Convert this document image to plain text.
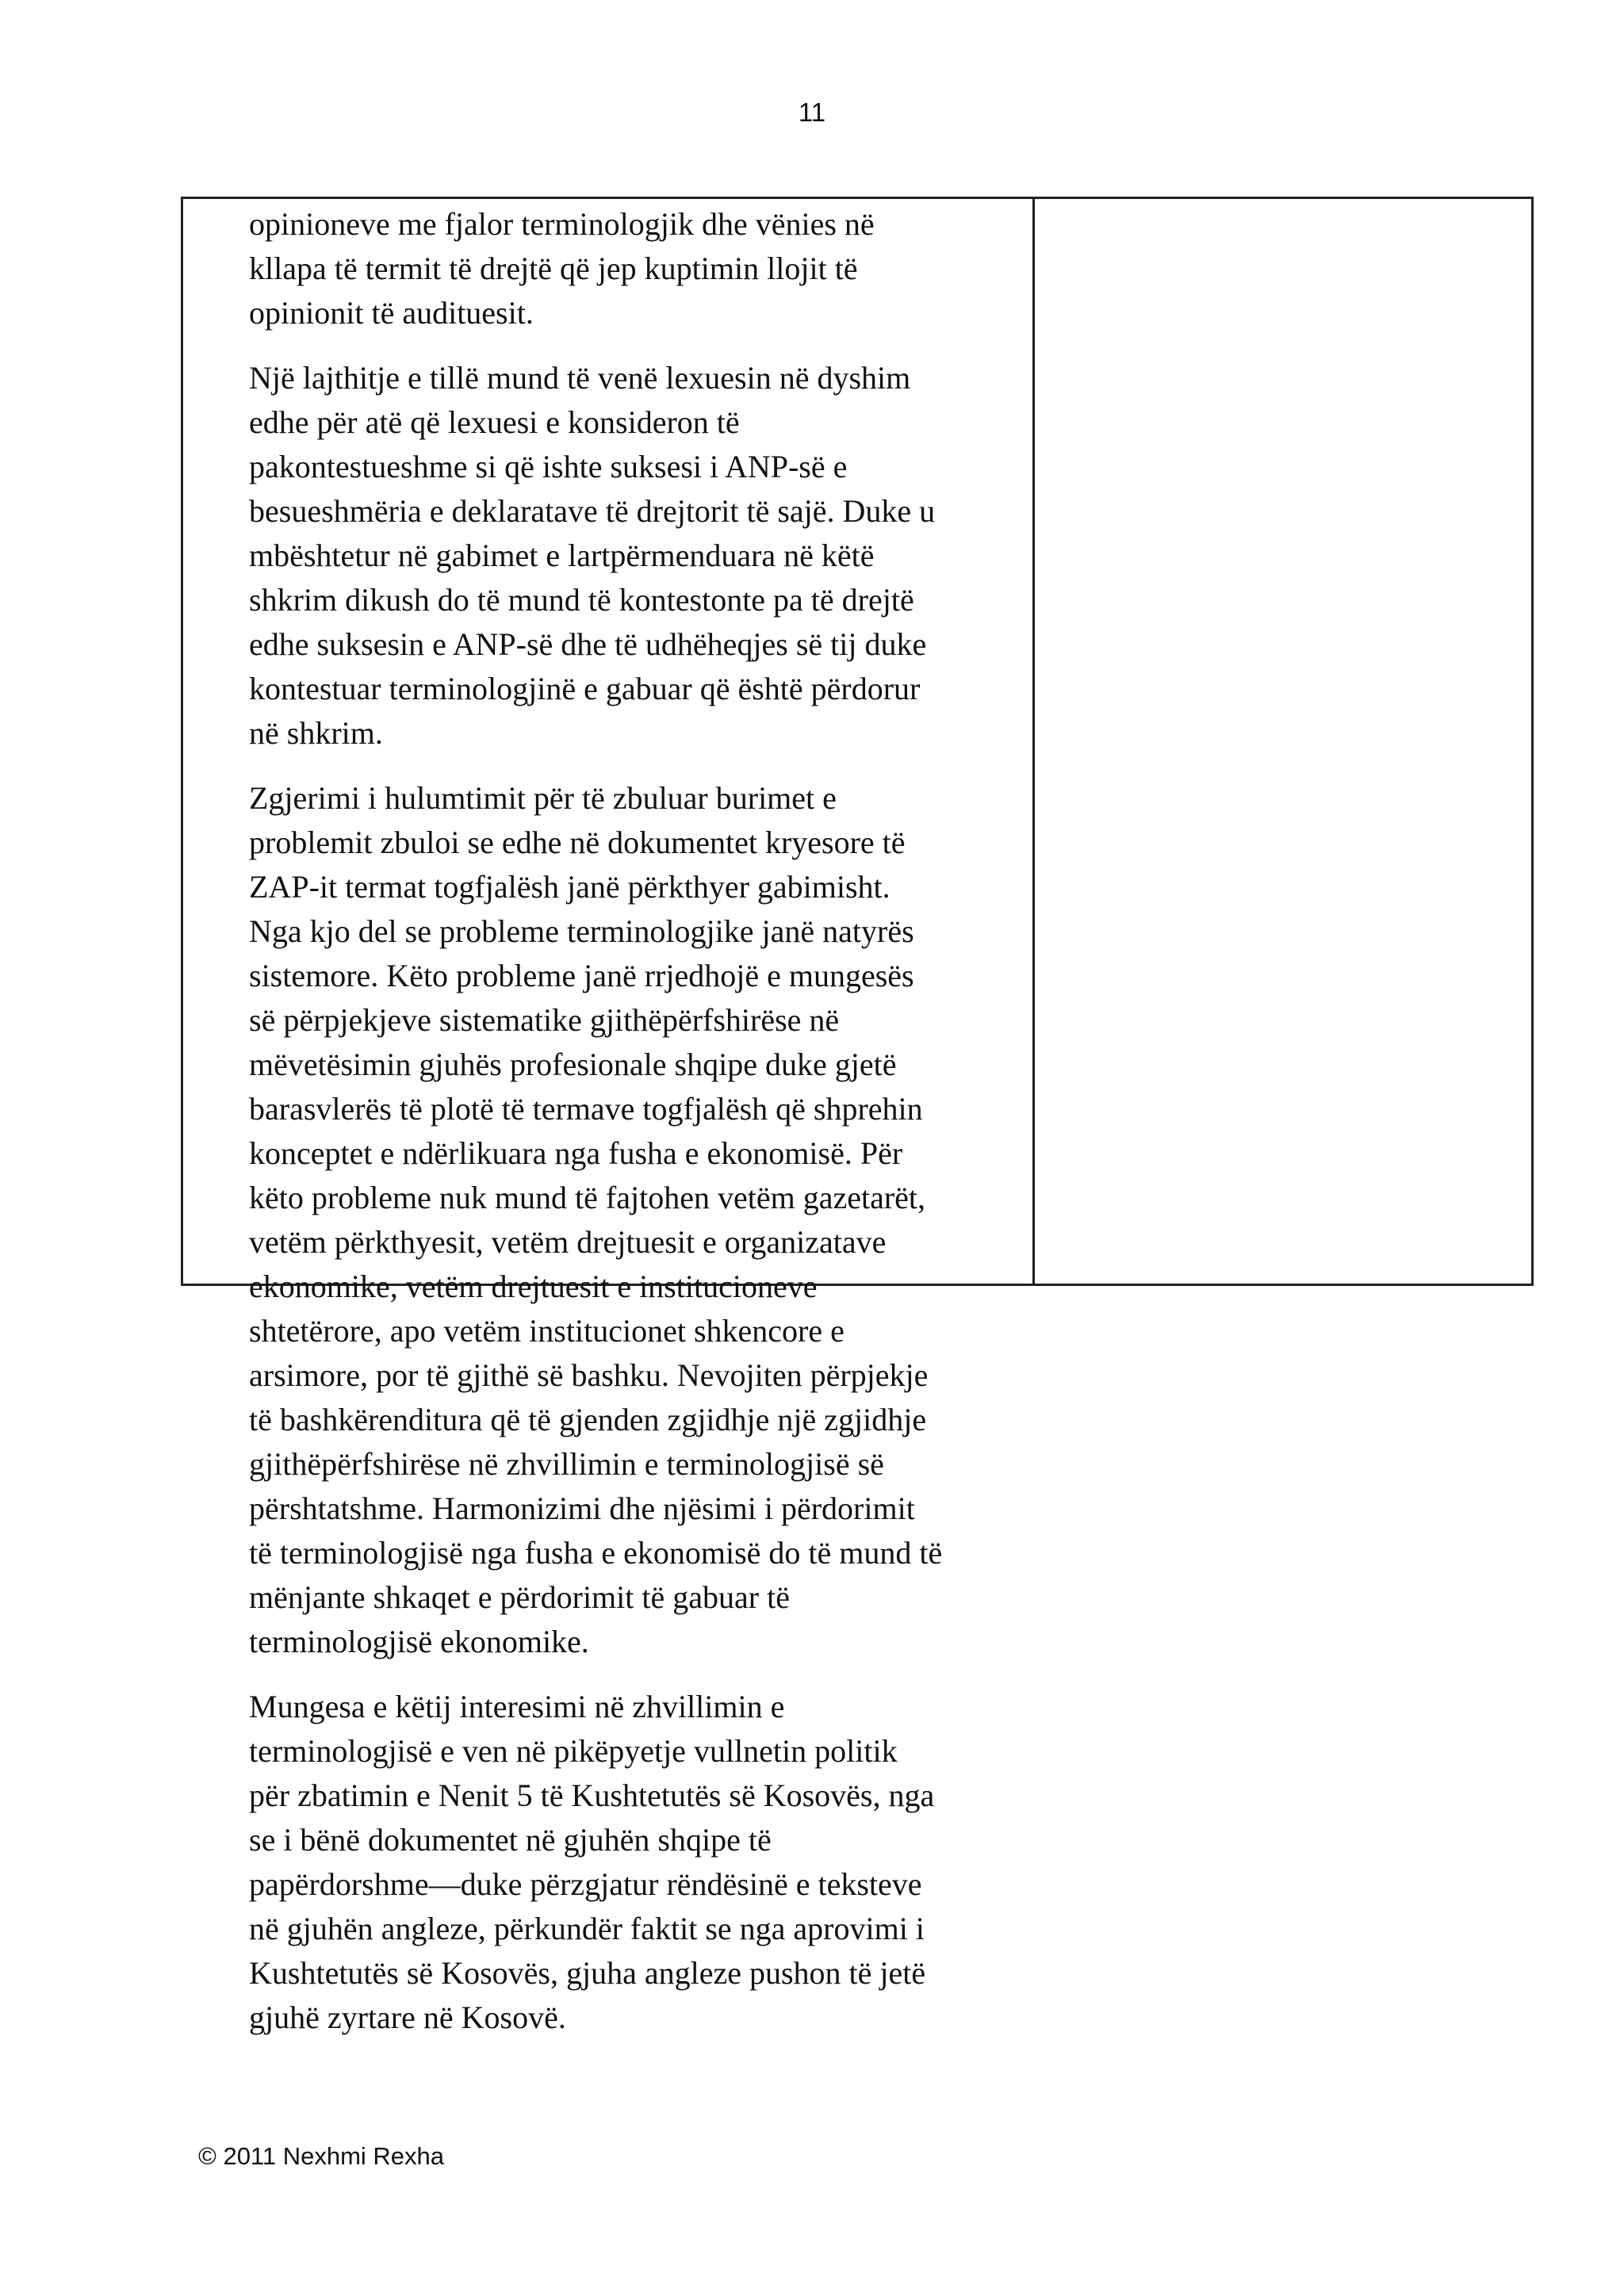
11

opinioneve me fjalor terminologjik dhe vënies në
kllapa të termit të drejtë që jep kuptimin llojit të
opinionit të audituesit.

Një lajthitje e tillë mund të venë lexuesin në dyshim
edhe për atë që lexuesi e konsideron të
pakontestueshme si që ishte suksesi i ANP-së e
besueshmëria e deklaratave të drejtorit të sajë. Duke u
mbështetur në gabimet e lartpërmenduara në këtë
shkrim dikush do të mund të kontestonte pa të drejtë
edhe suksesin e ANP-së dhe të udhëheqjes së tij duke
kontestuar terminologjinë e gabuar që është përdorur
në shkrim.

Zgjerimi i hulumtimit për të zbuluar burimet e
problemit zbuloi se edhe në dokumentet kryesore të
ZAP-it termat togfjalësh janë përkthyer gabimisht.
Nga kjo del se probleme terminologjike janë natyrës
sistemore. Këto probleme janë rrjedhojë e mungesës
së përpjekjeve sistematike gjithëpërfshirëse në
mëvetësimin gjuhës profesionale shqipe duke gjetë
barasvlerës të plotë të termave togfjalësh që shprehin
konceptet e ndërlikuara nga fusha e ekonomisë. Për
këto probleme nuk mund të fajtohen vetëm gazetarët,
vetëm përkthyesit, vetëm drejtuesit e organizatave
ekonomike, vetëm drejtuesit e institucioneve
shtetërore, apo vetëm institucionet shkencore e
arsimore, por të gjithë së bashku. Nevojiten përpjekje
të bashkërenditura që të gjenden zgjidhje një zgjidhje
gjithëpërfshirëse në zhvillimin e terminologjisë së
përshtatshme. Harmonizimi dhe njësimi i përdorimit
të terminologjisë nga fusha e ekonomisë do të mund të
mënjante shkaqet e përdorimit të gabuar të
terminologjisë ekonomike.

Mungesa e këtij interesimi në zhvillimin e
terminologjisë e ven në pikëpyetje vullnetin politik
për zbatimin e Nenit 5 të Kushtetutës së Kosovës, nga
se i bënë dokumentet në gjuhën shqipe të
papërdorshme—duke përzgjatur rëndësinë e teksteve
në gjuhën angleze, përkundër faktit se nga aprovimi i
Kushtetutës së Kosovës, gjuha angleze pushon të jetë
gjuhë zyrtare në Kosovë.

© 2011 Nexhmi Rexha
